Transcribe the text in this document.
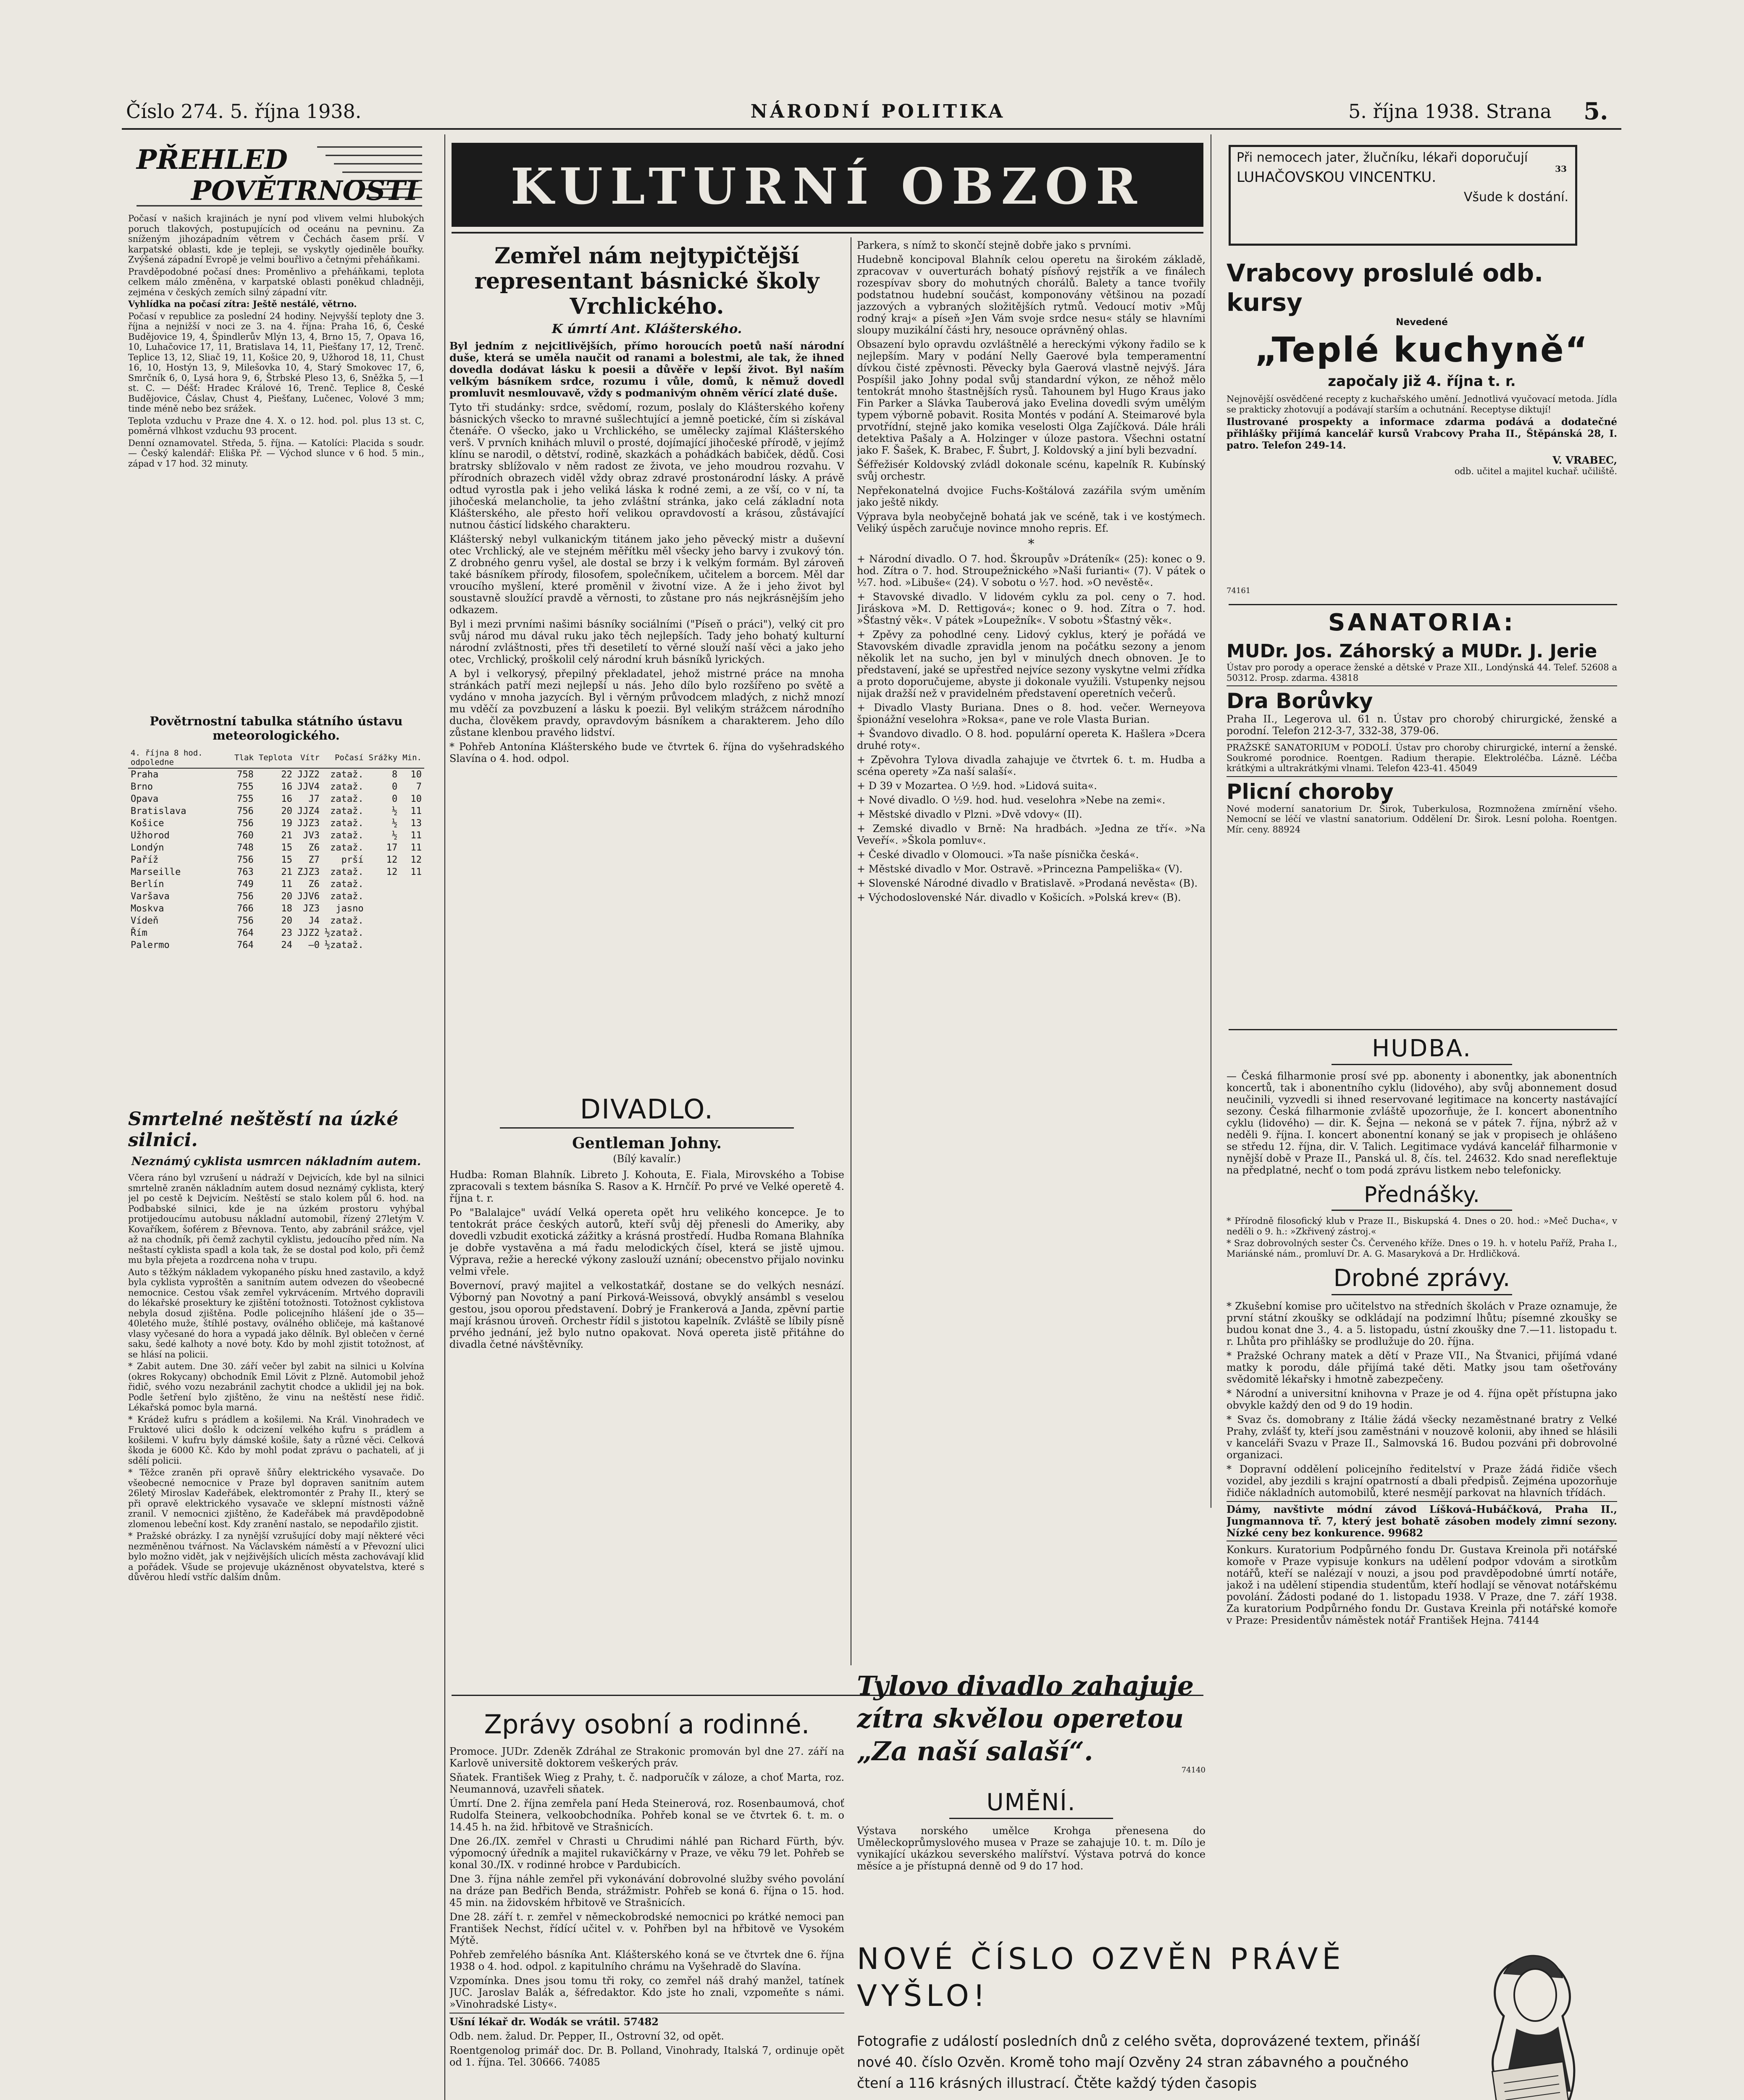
Číslo 274. 5. října 1938.	NÁRODNÍ POLITIKA	5. října 1938. Strana 5.
PŘEHLED
POVĚTRNOSTI

Počasí v našich krajinách je nyní pod vlivem velmi hlubokých poruch tlakových, postupujících od oceánu na pevninu. Za sníženým jihozápadním větrem v Čechách časem prší. V karpatské oblasti, kde je tepleji, se vyskytly ojediněle bouřky. Zvýšená západní Evropě je velmi bouřlivo a četnými přeháňkami.

Pravděpodobné počasí dnes: Proměnlivo a přeháňkami, teplota celkem málo změněna, v karpatské oblasti poněkud chladněji, zejména v českých zemích silný západní vítr.

Vyhlídka na počasí zítra: Ještě nestálé, větrno.

Počasí v republice za poslední 24 hodiny. Nejvyšší teploty dne 3. října a nejnižší v noci ze 3. na 4. října: Praha 16, 6, České Budějovice 19, 4, Špindlerův Mlýn 13, 4, Brno 15, 7, Opava 16, 10, Luhačovice 17, 11, Bratislava 14, 11, Piešťany 17, 12, Trenč. Teplice 13, 12, Sliač 19, 11, Košice 20, 9, Užhorod 18, 11, Chust 16, 10, Hostýn 13, 9, Milešovka 10, 4, Starý Smokovec 17, 6, Smrčník 6, 0, Lysá hora 9, 6, Štrbské Pleso 13, 6, Sněžka 5, —1 st. C. — Déšť: Hradec Králové 16, Trenč. Teplice 8, České Budějovice, Čáslav, Chust 4, Piešťany, Lučenec, Volové 3 mm; tinde méně nebo bez srážek.

Teplota vzduchu v Praze dne 4. X. o 12. hod. pol. plus 13 st. C, poměrná vlhkost vzduchu 93 procent.

Denní oznamovatel. Středa, 5. října. — Katolíci: Placida s soudr. — Český kalendář: Eliška Př. — Východ slunce v 6 hod. 5 min., západ v 17 hod. 32 minuty.

Povětrnostní tabulka státního ústavu meteorologického.

4. října 8 hod. odpoledne	Tlak	Teplota	Vítr	Počasí	Srážky	Min.
Praha	758	22	JJZ2	zataž.	8	10
Brno	755	16	JJV4	zataž.	0	7
Opava	755	16	J7	zataž.	0	10
Bratislava	756	20	JJZ4	zataž.	½	11
Košice	756	19	JJZ3	zataž.	½	13
Užhorod	760	21	JV3	zataž.	½	11
Londýn	748	15	Z6	zataž.	17	11
Paříž	756	15	Z7	prší	12	12
Marseille	763	21	ZJZ3	zataž.	12	11
Berlín	749	11	Z6	zataž.		
Varšava	756	20	JJV6	zataž.		
Moskva	766	18	JZ3	jasno		
Vídeň	756	20	J4	zataž.		
Řím	764	23	JJZ2	½zataž.		
Palermo	764	24	—0	½zataž.		

Smrtelné neštěstí na úzké silnici.

Neznámý cyklista usmrcen nákladním autem.

Včera ráno byl vzrušení u nádraží v Dejvicích, kde byl na silnici smrtelně zraněn nákladním autem dosud neznámý cyklista, který jel po cestě k Dejvicím. Neštěstí se stalo kolem půl 6. hod. na Podbabské silnici, kde je na úzkém prostoru vyhýbal protijedoucímu autobusu nákladní automobil, řízený 27letým V. Kovaříkem, šoférem z Břevnova. Tento, aby zabránil srážce, vjel až na chodník, při čemž zachytil cyklistu, jedoucího před ním. Na neštastí cyklista spadl a kola tak, že se dostal pod kolo, při čemž mu byla přejeta a rozdrcena noha v trupu.

Auto s těžkým nákladem vykopaného písku hned zastavilo, a když byla cyklista vyproštěn a sanitním autem odvezen do všeobecné nemocnice. Cestou však zemřel vykrvácením. Mrtvého dopravili do lékařské prosektury ke zjištění totožnosti. Totožnost cyklistova nebyla dosud zjištěna. Podle policejního hlášení jde o 35—40letého muže, štíhlé postavy, oválného obličeje, má kaštanové vlasy vyčesané do hora a vypadá jako dělník. Byl oblečen v černé saku, šedé kalhoty a nové boty. Kdo by mohl zjistit totožnost, ať se hlásí na policii.

* Zabit autem. Dne 30. září večer byl zabit na silnici u Kolvína (okres Rokycany) obchodník Emil Lövit z Plzně. Automobil jehož řidič, svého vozu nezabránil zachytit chodce a uklidil jej na bok. Podle šetření bylo zjištěno, že vinu na neštěstí nese řidič. Lékařská pomoc byla marná.

* Krádež kufru s prádlem a košilemi. Na Král. Vinohradech ve Fruktové ulici došlo k odcizení velkého kufru s prádlem a košilemi. V kufru byly dámské košile, šaty a různé věci. Celková škoda je 6000 Kč. Kdo by mohl podat zprávu o pachateli, ať ji sdělí policii.

* Těžce zraněn při opravě šňůry elektrického vysavače. Do všeobecné nemocnice v Praze byl dopraven sanitním autem 26letý Miroslav Kadeřábek, elektromontér z Prahy II., který se při opravě elektrického vysavače ve sklepní místnosti vážně zranil. V nemocnici zjištěno, že Kadeřábek má pravděpodobně zlomenou lebeční kost. Kdy zranění nastalo, se nepodařilo zjistit.

* Pražské obrázky. I za nynější vzrušující doby mají některé věci nezměněnou tvářnost. Na Václavském náměstí a v Převozní ulici bylo možno vidět, jak v nejživějších ulicích města zachovávají klid a pořádek. Všude se projevuje ukázněnost obyvatelstva, které s důvěrou hledí vstříc dalším dnům.

KULTURNÍ OBZOR

Zemřel nám nejtypičtější representant básnické školy Vrchlického.

K úmrtí Ant. Klášterského.

Byl jedním z nejcitlivějších, přímo horoucích poetů naší národní duše, která se uměla naučit od ranami a bolestmi, ale tak, že ihned dovedla dodávat lásku k poesii a důvěře v lepší život. Byl naším velkým básníkem srdce, rozumu i vůle, domů, k němuž dovedl promluvit nesmlouvavě, vždy s podmanivým ohněm věrící zlaté duše.

Tyto tři studánky: srdce, svědomí, rozum, poslaly do Klášterského kořeny básnických všecko to mravné sušlechtující a jemně poetické, čím si získával čtenáře. O všecko, jako u Vrchlického, se umělecky zajímal Klášterského verš. V prvních knihách mluvil o prosté, dojímající jihočeské přírodě, v jejímž klínu se narodil, o dětství, rodině, skazkách a pohádkách babiček, dědů. Cosi bratrsky sblížovalo v něm radost ze života, ve jeho moudrou rozvahu. V přírodních obrazech viděl vždy obraz zdravé prostonárodní lásky. A právě odtud vyrostla pak i jeho veliká láska k rodné zemi, a ze vší, co v ní, ta jihočeská melancholie, ta jeho zvláštní stránka, jako celá základní nota Klášterského, ale přesto hoří velikou opravdovostí a krásou, zůstávající nutnou částicí lidského charakteru.

Klášterský nebyl vulkanickým titánem jako jeho pěvecký mistr a duševní otec Vrchlický, ale ve stejném měřítku měl všecky jeho barvy i zvukový tón. Z drobného genru vyšel, ale dostal se brzy i k velkým formám. Byl zároveň také básníkem přírody, filosofem, společníkem, učitelem a borcem. Měl dar vroucího myšlení, které proměnil v životní vize. A že i jeho život byl soustavně sloužící pravdě a věrnosti, to zůstane pro nás nejkrásnějším jeho odkazem.

Byl i mezi prvními našimi básníky sociálními ("Píseň o práci"), velký cit pro svůj národ mu dával ruku jako těch nejlepších. Tady jeho bohatý kulturní národní zvláštnosti, přes tři desetiletí to věrné slouží naší věci a jako jeho otec, Vrchlický, proškolil celý národní kruh básníků lyrických.

A byl i velkorysý, přepilný překladatel, jehož mistrné práce na mnoha stránkách patří mezi nejlepší u nás. Jeho dílo bylo rozšířeno po světě a vydáno v mnoha jazycích. Byl i věrným průvodcem mladých, z nichž mnozí mu vděčí za povzbuzení a lásku k poezii. Byl velikým strážcem národního ducha, člověkem pravdy, opravdovým básníkem a charakterem. Jeho dílo zůstane klenbou pravého lidství.

* Pohřeb Antonína Klášterského bude ve čtvrtek 6. října do vyšehradského Slavína o 4. hod. odpol.

DIVADLO.

Gentleman Johny.

(Bílý kavalír.)

Hudba: Roman Blahník. Libreto J. Kohouta, E. Fiala, Mirovského a Tobise zpracovali s textem básníka S. Rasov a K. Hrnčíř. Po prvé ve Velké operetě 4. října t. r.

Po "Balalajce" uvádí Velká opereta opět hru velikého koncepce. Je to tentokrát práce českých autorů, kteří svůj děj přenesli do Ameriky, aby dovedli vzbudit exotická zážitky a krásná prostředí. Hudba Romana Blahníka je dobře vystavěna a má řadu melodických čísel, která se jistě ujmou. Výprava, režie a herecké výkony zaslouží uznání; obecenstvo přijalo novinku velmi vřele.

Bovernoví, pravý majitel a velkostatkář, dostane se do velkých nesnází. Výborný pan Novotný a paní Pirková-Weissová, obvyklý ansámbl s veselou gestou, jsou oporou představení. Dobrý je Frankerová a Janda, zpěvní partie mají krásnou úroveň. Orchestr řídil s jistotou kapelník. Zvláště se líbily písně prvého jednání, jež bylo nutno opakovat. Nová opereta jistě přitáhne do divadla četné návštěvníky.

Zprávy osobní a rodinné.

Promoce. JUDr. Zdeněk Zdráhal ze Strakonic promován byl dne 27. září na Karlově universitě doktorem veškerých práv.

Sňatek. František Wieg z Prahy, t. č. nadporučík v záloze, a choť Marta, roz. Neumannová, uzavřeli sňatek.

Úmrtí. Dne 2. října zemřela paní Heda Steinerová, roz. Rosenbaumová, choť Rudolfa Steinera, velkoobchodníka. Pohřeb konal se ve čtvrtek 6. t. m. o 14.45 h. na žid. hřbitově ve Strašnicích.

Dne 26./IX. zemřel v Chrasti u Chrudimi náhlé pan Richard Fürth, býv. výpomocný úředník a majitel rukavičkárny v Praze, ve věku 79 let. Pohřeb se konal 30./IX. v rodinné hrobce v Pardubicích.

Dne 3. října náhle zemřel při vykonávání dobrovolné služby svého povolání na dráze pan Bedřich Benda, strážmistr. Pohřeb se koná 6. října o 15. hod. 45 min. na židovském hřbitově ve Strašnicích.

Dne 28. září t. r. zemřel v německobrodské nemocnici po krátké nemoci pan František Nechst, řídící učitel v. v. Pohřben byl na hřbitově ve Vysokém Mýtě.

Pohřeb zemřelého básníka Ant. Klášterského koná se ve čtvrtek dne 6. října 1938 o 4. hod. odpol. z kapitulního chrámu na Vyšehradě do Slavína.

Vzpomínka. Dnes jsou tomu tři roky, co zemřel náš drahý manžel, tatínek JUC. Jaroslav Balák a, šéfredaktor. Kdo jste ho znali, vzpomeňte s námi. »Vinohradské Listy«.

Ušní lékař dr. Wodák se vrátil. 57482

Odb. nem. žalud. Dr. Pepper, II., Ostrovní 32, od opět.

Roentgenolog primář doc. Dr. B. Polland, Vinohrady, Italská 7, ordinuje opět od 1. října. Tel. 30666. 74085

Parkera, s nímž to skončí stejně dobře jako s prvními.

Hudebně koncipoval Blahník celou operetu na širokém základě, zpracovav v ouverturách bohatý písňový rejstřík a ve finálech rozespívav sbory do mohutných chorálů. Balety a tance tvořily podstatnou hudební součást, komponovány většinou na pozadí jazzových a vybraných složitějších rytmů. Vedoucí motiv »Můj rodný kraj« a píseň »Jen Vám svoje srdce nesu« stály se hlavními sloupy muzikální části hry, nesouce oprávněný ohlas.

Obsazení bylo opravdu ozvláštnělé a hereckými výkony řadilo se k nejlepším. Mary v podání Nelly Gaerové byla temperamentní dívkou čisté zpěvnosti. Pěvecky byla Gaerová vlastně nejvýš. Jára Pospíšil jako Johny podal svůj standardní výkon, ze něhož mělo tentokrát mnoho štastnějších rysů. Tahounem byl Hugo Kraus jako Fin Parker a Slávka Tauberová jako Evelina dovedli svým umělým typem výborně pobavit. Rosita Montés v podání A. Steimarové byla prvotřídní, stejně jako komika veselosti Olga Zajíčková. Dále hráli detektiva Pašaly a A. Holzinger v úloze pastora. Všechni ostatní jako F. Šašek, K. Brabec, F. Šubrt, J. Koldovský a jiní byli bezvadní.

Šéfřežisér Koldovský zvládl dokonale scénu, kapelník R. Kubínský svůj orchestr.

Nepřekonatelná dvojice Fuchs-Koštálová zazářila svým uměním jako ještě nikdy.

Výprava byla neobyčejně bohatá jak ve scéně, tak i ve kostýmech. Veliký úspěch zaručuje novince mnoho repris. Ef.

*

+ Národní divadlo. O 7. hod. Škroupův »Dráteník« (25): konec o 9. hod. Zítra o 7. hod. Stroupežnického »Naši furianti« (7). V pátek o ½7. hod. »Libuše« (24). V sobotu o ½7. hod. »O nevěstě«.

+ Stavovské divadlo. V lidovém cyklu za pol. ceny o 7. hod. Jiráskova »M. D. Rettigová«; konec o 9. hod. Zítra o 7. hod. »Šťastný věk«. V pátek »Loupežník«. V sobotu »Šťastný věk«.

+ Zpěvy za pohodlné ceny. Lidový cyklus, který je pořádá ve Stavovském divadle zpravidla jenom na počátku sezony a jenom několik let na sucho, jen byl v minulých dnech obnoven. Je to představení, jaké se upřestřed nejvíce sezony vyskytne velmi zřídka a proto doporučujeme, abyste ji dokonale využili. Vstupenky nejsou nijak dražší než v pravidelném představení operetních večerů.

+ Divadlo Vlasty Buriana. Dnes o 8. hod. večer. Werneyova špionážní veselohra »Roksa«, pane ve role Vlasta Burian.

+ Švandovo divadlo. O 8. hod. populární opereta K. Hašlera »Dcera druhé roty«.

+ Zpěvohra Tylova divadla zahajuje ve čtvrtek 6. t. m. Hudba a scéna operety »Za naší salaší«.

+ D 39 v Mozartea. O ½9. hod. »Lidová suita«.

+ Nové divadlo. O ½9. hod. hud. veselohra »Nebe na zemi«.

+ Městské divadlo v Plzni. »Dvě vdovy« (II).

+ Zemské divadlo v Brně: Na hradbách. »Jedna ze tří«. »Na Veveří«. »Škola pomluv«.

+ České divadlo v Olomouci. »Ta naše písnička česká«.

+ Městské divadlo v Mor. Ostravě. »Princezna Pampeliška« (V).

+ Slovenské Národné divadlo v Bratislavě. »Prodaná nevěsta« (B).

+ Východoslovenské Nár. divadlo v Košicích. »Polská krev« (B).

Tylovo divadlo zahajuje zítra skvělou operetou „Za naší salaší“.

74140

UMĚNÍ.

Výstava norského umělce Krohga přenesena do Uměleckoprůmyslového musea v Praze se zahajuje 10. t. m. Dílo je vynikající ukázkou severského malířství. Výstava potrvá do konce měsíce a je přístupná denně od 9 do 17 hod.

NOVÉ ČÍSLO OZVĚN PRÁVĚ VYŠLO!

Fotografie z událostí posledních dnů z celého světa, doprovázené textem, přináší nové 40. číslo Ozvěn. Kromě toho mají Ozvěny 24 stran zábavného a poučného čtení a 116 krásných illustrací. Čtěte každý týden časopis

Při nemocech jater, žlučníku, lékaři doporučují

LUHAČOVSKOU VINCENTKU.

Všude k dostání.

33

Vrabcovy proslulé odb. kursy

Nevedené

„Teplé kuchyně“

započaly již 4. října t. r.

Nejnovější osvědčené recepty z kuchařského umění. Jednotlivá vyučovací metoda. Jídla se prakticky zhotovují a podávají starším a ochutnání. Receptyse diktují!

Ilustrované prospekty a informace zdarma podává a dodatečné přihlášky přijímá kancelář kursů Vrabcovy Praha II., Štěpánská 28, I. patro. Telefon 249-14.

V. VRABEC,

odb. učitel a majitel kuchař. učiliště.

74161

SANATORIA:

MUDr. Jos. Záhorský a MUDr. J. Jerie

Ústav pro porody a operace ženské a dětské v Praze XII., Londýnská 44. Telef. 52608 a 50312. Prosp. zdarma. 43818

Dra Borůvky

Praha II., Legerova ul. 61 n. Ústav pro chorobý chirurgické, ženské a porodní. Telefon 212-3-7, 332-38, 379-06.

PRAŽSKÉ SANATORIUM v PODOLÍ. Ústav pro choroby chirurgické, interní a ženské. Soukromé porodnice. Roentgen. Radium therapie. Elektroléčba. Lázně. Léčba krátkými a ultrakrátkými vlnami. Telefon 423-41. 45049

Plicní choroby

Nové moderní sanatorium Dr. Širok, Tuberkulosa, Rozmnožena zmírnění všeho. Nemocní se léčí ve vlastní sanatorium. Oddělení Dr. Širok. Lesní poloha. Roentgen. Mír. ceny. 88924

HUDBA.

— Česká filharmonie prosí své pp. abonenty i abonentky, jak abonentních koncertů, tak i abonentního cyklu (lidového), aby svůj abonnement dosud neučinili, vyzvedli si ihned reservované legitimace na koncerty nastávající sezony. Česká filharmonie zvláště upozorňuje, že I. koncert abonentního cyklu (lidového) — dir. K. Šejna — nekoná se v pátek 7. října, nýbrž až v neděli 9. října. I. koncert abonentní konaný se jak v propisech je ohlášeno se středu 12. října, dir. V. Talich. Legitimace vydává kancelář filharmonie v nynější době v Praze II., Panská ul. 8, čís. tel. 24632. Kdo snad nereflektuje na předplatné, nechť o tom podá zprávu listkem nebo telefonicky.

Přednášky.

* Přírodně filosofický klub v Praze II., Biskupská 4. Dnes o 20. hod.: »Meč Ducha«, v neděli o 9. h.: »Zkřivený zástroj.«

* Sraz dobrovolných sester Čs. Červeného kříže. Dnes o 19. h. v hotelu Paříž, Praha I., Mariánské nám., promluví Dr. A. G. Masaryková a Dr. Hrdličková.

Drobné zprávy.

* Zkušební komise pro učitelstvo na středních školách v Praze oznamuje, že první státní zkoušky se odkládají na podzimní lhůtu; písemné zkoušky se budou konat dne 3., 4. a 5. listopadu, ústní zkoušky dne 7.—11. listopadu t. r. Lhůta pro přihlášky se prodlužuje do 20. října.

* Pražské Ochrany matek a dětí v Praze VII., Na Štvanici, přijímá vdané matky k porodu, dále přijímá také děti. Matky jsou tam ošetřovány svědomitě lékařsky i hmotně zabezpečeny.

* Národní a universitní knihovna v Praze je od 4. října opět přístupna jako obvykle každý den od 9 do 19 hodin.

* Svaz čs. domobrany z Itálie žádá všecky nezaměstnané bratry z Velké Prahy, zvlášť ty, kteří jsou zaměstnáni v nouzově kolonii, aby ihned se hlásili v kanceláři Svazu v Praze II., Salmovská 16. Budou pozváni při dobrovolné organizaci.

* Dopravní oddělení policejního ředitelství v Praze žádá řidiče všech vozidel, aby jezdili s krajní opatrností a dbali předpisů. Zejména upozorňuje řidiče nákladních automobilů, které nesmějí parkovat na hlavních třídách.

Dámy, navštivte módní závod Líšková-Hubáčková, Praha II., Jungmannova tř. 7, který jest bohatě zásoben modely zimní sezony. Nízké ceny bez konkurence. 99682

Konkurs. Kuratorium Podpůrného fondu Dr. Gustava Kreinola při notářské komoře v Praze vypisuje konkurs na udělení podpor vdovám a sirotkům notářů, kteří se nalézají v nouzi, a jsou pod pravděpodobné úmrtí notáře, jakož i na udělení stipendia studentům, kteří hodlají se věnovat notářskému povolání. Žádosti podané do 1. listopadu 1938. V Praze, dne 7. září 1938. Za kuratorium Podpůrného fondu Dr. Gustava Kreinla při notářské komoře v Praze: Presidentův náměstek notář František Hejna. 74144
